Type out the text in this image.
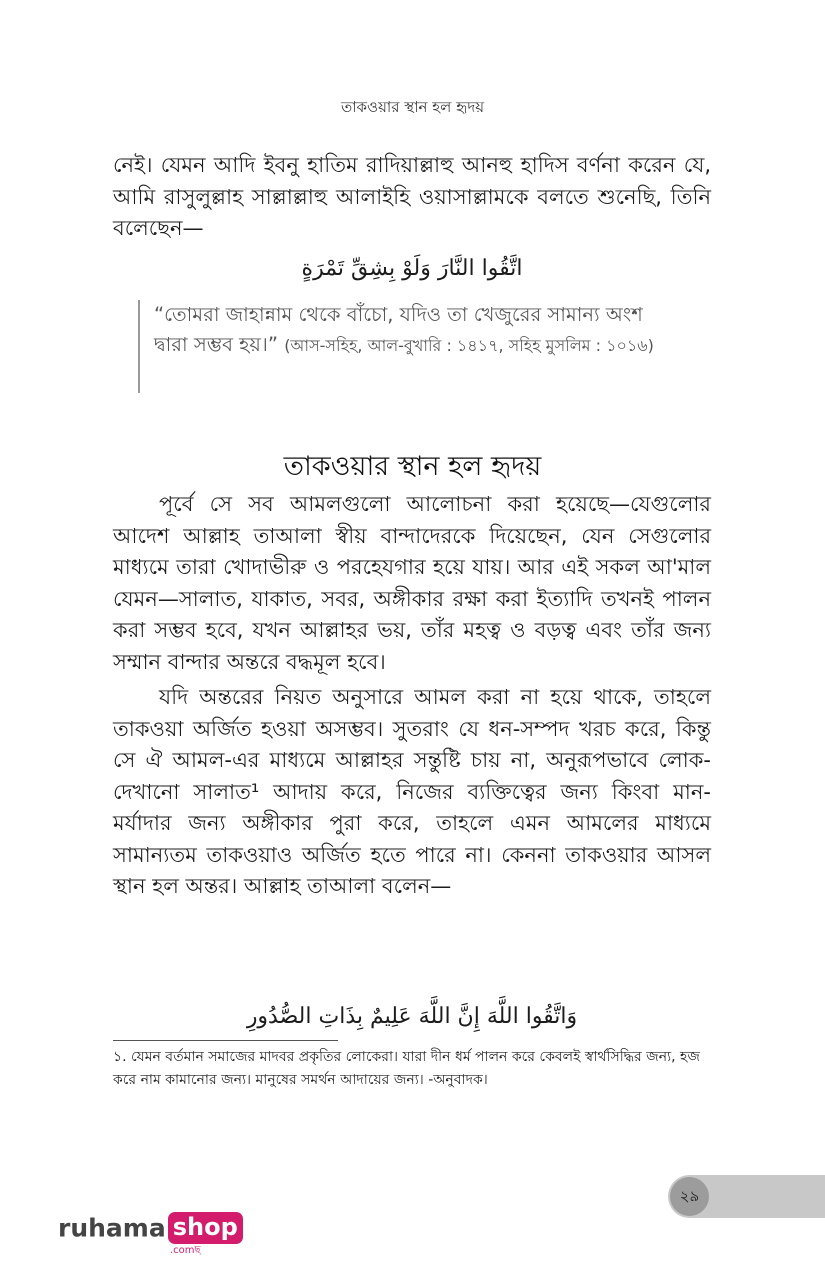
তাকওয়ার স্থান হল হৃদয়

নেই। যেমন আদি ইবনু হাতিম রাদিয়াল্লাহু আনহু হাদিস বর্ণনা করেন যে, আমি রাসুলুল্লাহ সাল্লাল্লাহু আলাইহি ওয়াসাল্লামকে বলতে শুনেছি, তিনি বলেছেন—

اتَّقُوا النَّارَ وَلَوْ بِشِقِّ تَمْرَةٍ
“তোমরা জাহান্নাম থেকে বাঁচো, যদিও তা খেজুরের সামান্য অংশ দ্বারা সম্ভব হয়।” (আস-সহিহ, আল-বুখারি : ১৪১৭, সহিহ মুসলিম : ১০১৬)
তাকওয়ার স্থান হল হৃদয়

পূর্বে সে সব আমলগুলো আলোচনা করা হয়েছে—যেগুলোর আদেশ আল্লাহ তাআলা স্বীয় বান্দাদেরকে দিয়েছেন, যেন সেগুলোর মাধ্যমে তারা খোদাভীরু ও পরহেযগার হয়ে যায়। আর এই সকল আ'মাল যেমন—সালাত, যাকাত, সবর, অঙ্গীকার রক্ষা করা ইত্যাদি তখনই পালন করা সম্ভব হবে, যখন আল্লাহর ভয়, তাঁর মহত্ব ও বড়ত্ব এবং তাঁর জন্য সম্মান বান্দার অন্তরে বদ্ধমূল হবে।

যদি অন্তরের নিয়ত অনুসারে আমল করা না হয়ে থাকে, তাহলে তাকওয়া অর্জিত হওয়া অসম্ভব। সুতরাং যে ধন-সম্পদ খরচ করে, কিন্তু সে ঐ আমল-এর মাধ্যমে আল্লাহর সন্তুষ্টি চায় না, অনুরূপভাবে লোক-দেখানো সালাত¹ আদায় করে, নিজের ব্যক্তিত্বের জন্য কিংবা মান-মর্যাদার জন্য অঙ্গীকার পুরা করে, তাহলে এমন আমলের মাধ্যমে সামান্যতম তাকওয়াও অর্জিত হতে পারে না। কেননা তাকওয়ার আসল স্থান হল অন্তর। আল্লাহ তাআলা বলেন—

وَاتَّقُوا اللَّهَ إِنَّ اللَّهَ عَلِيمٌ بِذَاتِ الصُّدُورِ
১. যেমন বর্তমান সমাজের মাদবর প্রকৃতির লোকেরা। যারা দীন ধর্ম পালন করে কেবলই স্বার্থসিদ্ধির জন্য, হজ করে নাম কামানোর জন্য। মানুষের সমর্থন আদায়ের জন্য। -অনুবাদক।
২৯
ruhama shop
.comছ
